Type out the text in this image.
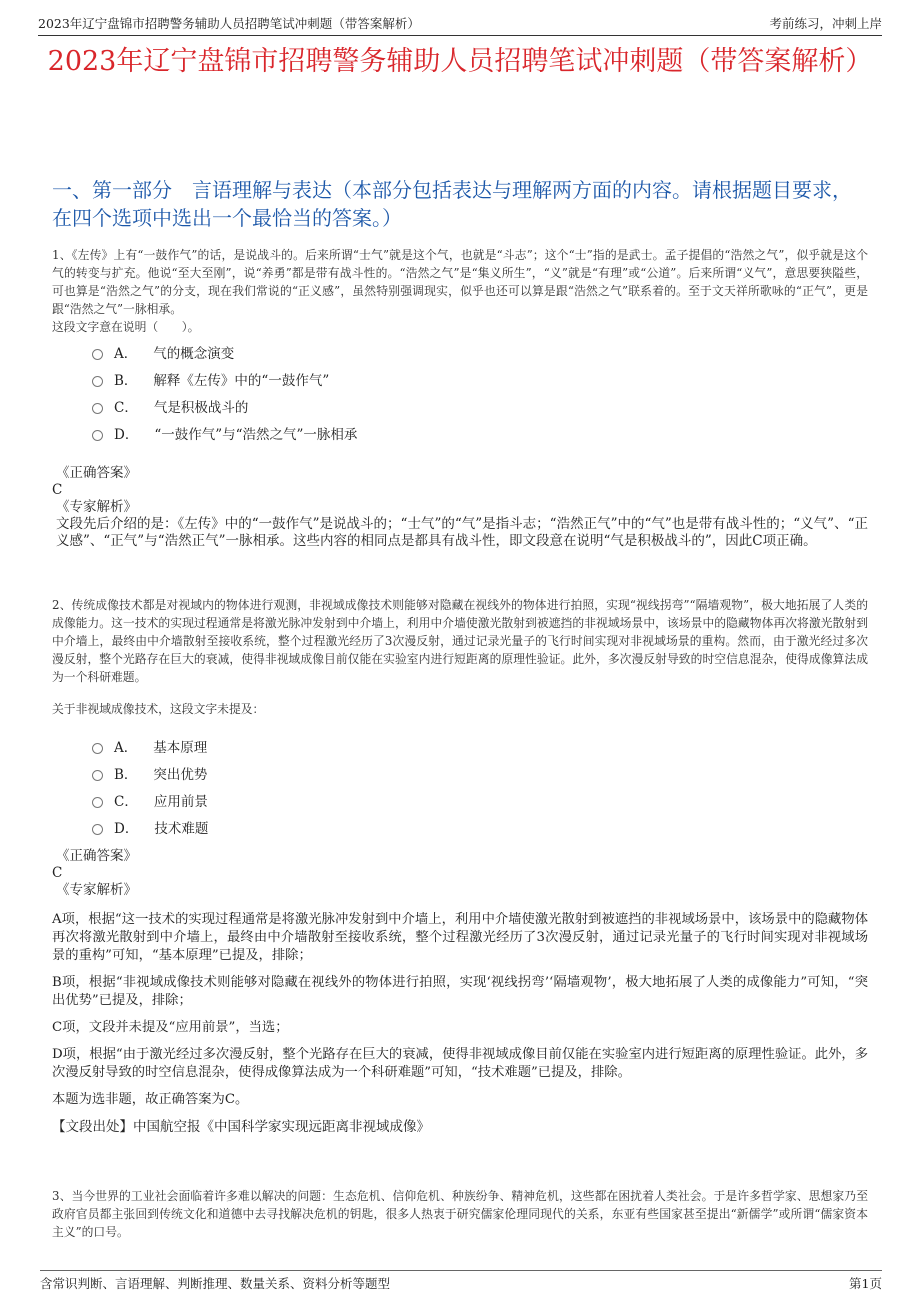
2023年辽宁盘锦市招聘警务辅助人员招聘笔试冲刺题（带答案解析）	考前练习，冲刺上岸
2023年辽宁盘锦市招聘警务辅助人员招聘笔试冲刺题（带答案解析）
一、第一部分　言语理解与表达（本部分包括表达与理解两方面的内容。请根据题目要求，在四个选项中选出一个最恰当的答案。）
1、《左传》上有“一鼓作气”的话，是说战斗的。后来所谓“士气”就是这个气，也就是“斗志”；这个“士”指的是武士。孟子提倡的“浩然之气”，似乎就是这个气的转变与扩充。他说“至大至刚”，说“养勇”都是带有战斗性的。“浩然之气”是“集义所生”，“义”就是“有理”或“公道”。后来所谓“义气”，意思要狭隘些，可也算是“浩然之气”的分支，现在我们常说的“正义感”，虽然特别强调现实，似乎也还可以算是跟“浩然之气”联系着的。至于文天祥所歌咏的“正气”，更是跟“浩然之气”一脉相承。
这段文字意在说明（　　）。
A． 气的概念演变
B． 解释《左传》中的“一鼓作气”
C． 气是积极战斗的
D． “一鼓作气”与“浩然之气”一脉相承
《正确答案》
C
《专家解析》
文段先后介绍的是：《左传》中的“一鼓作气”是说战斗的；“士气”的“气”是指斗志；“浩然正气”中的“气”也是带有战斗性的；“义气”、“正义感”、“正气”与“浩然正气”一脉相承。这些内容的相同点是都具有战斗性，即文段意在说明“气是积极战斗的”，因此C项正确。
2、传统成像技术都是对视域内的物体进行观测，非视域成像技术则能够对隐藏在视线外的物体进行拍照，实现“视线拐弯”“隔墙观物”，极大地拓展了人类的成像能力。这一技术的实现过程通常是将激光脉冲发射到中介墙上，利用中介墙使激光散射到被遮挡的非视域场景中，该场景中的隐藏物体再次将激光散射到中介墙上，最终由中介墙散射至接收系统，整个过程激光经历了3次漫反射，通过记录光量子的飞行时间实现对非视域场景的重构。然而，由于激光经过多次漫反射，整个光路存在巨大的衰减，使得非视域成像目前仅能在实验室内进行短距离的原理性验证。此外，多次漫反射导致的时空信息混杂，使得成像算法成为一个科研难题。
关于非视域成像技术，这段文字未提及：
A． 基本原理
B． 突出优势
C． 应用前景
D． 技术难题
《正确答案》
C
《专家解析》

A项，根据“这一技术的实现过程通常是将激光脉冲发射到中介墙上，利用中介墙使激光散射到被遮挡的非视域场景中，该场景中的隐藏物体再次将激光散射到中介墙上，最终由中介墙散射至接收系统，整个过程激光经历了3次漫反射，通过记录光量子的飞行时间实现对非视域场景的重构”可知，“基本原理”已提及，排除；

B项，根据“非视域成像技术则能够对隐藏在视线外的物体进行拍照，实现‘视线拐弯’‘隔墙观物’，极大地拓展了人类的成像能力”可知，“突出优势”已提及，排除；

C项，文段并未提及“应用前景”，当选；

D项，根据“由于激光经过多次漫反射，整个光路存在巨大的衰减，使得非视域成像目前仅能在实验室内进行短距离的原理性验证。此外，多次漫反射导致的时空信息混杂，使得成像算法成为一个科研难题”可知，“技术难题”已提及，排除。

本题为选非题，故正确答案为C。

【文段出处】中国航空报《中国科学家实现远距离非视域成像》
3、当今世界的工业社会面临着许多难以解决的问题：生态危机、信仰危机、种族纷争、精神危机，这些都在困扰着人类社会。于是许多哲学家、思想家乃至政府官员都主张回到传统文化和道德中去寻找解决危机的钥匙，很多人热衷于研究儒家伦理同现代的关系，东亚有些国家甚至提出“新儒学”或所谓“儒家资本主义”的口号。
含常识判断、言语理解、判断推理、数量关系、资料分析等题型	第1页
